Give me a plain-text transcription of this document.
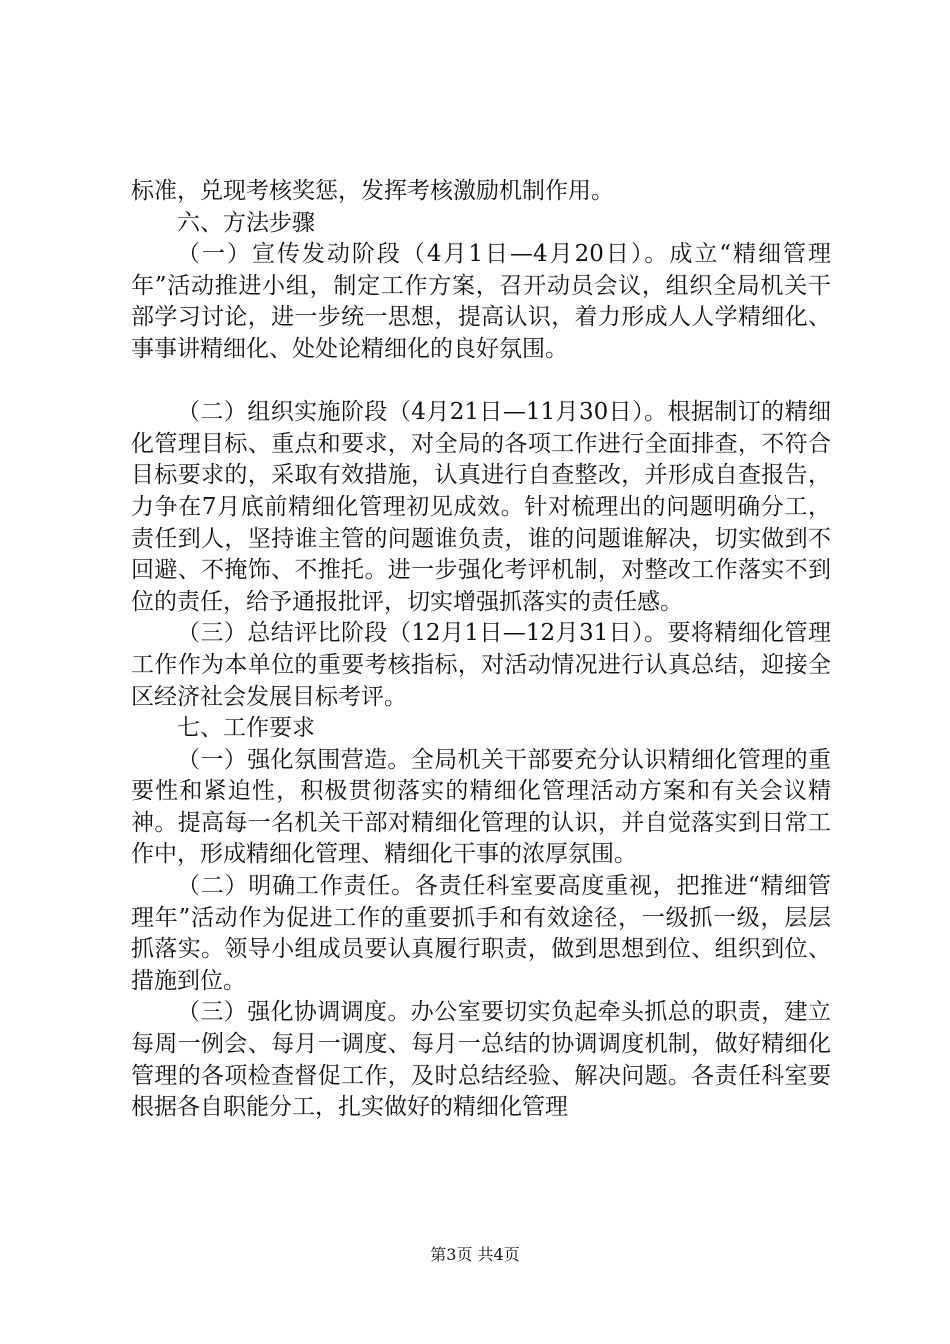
标准，兑现考核奖惩，发挥考核激励机制作用。

六、方法步骤

（一）宣传发动阶段（4月1日—4月20日）。成立“精细管理年”活动推进小组，制定工作方案，召开动员会议，组织全局机关干部学习讨论，进一步统一思想，提高认识，着力形成人人学精细化、事事讲精细化、处处论精细化的良好氛围。

（二）组织实施阶段（4月21日—11月30日）。根据制订的精细化管理目标、重点和要求，对全局的各项工作进行全面排查，不符合目标要求的，采取有效措施，认真进行自查整改，并形成自查报告，力争在7月底前精细化管理初见成效。针对梳理出的问题明确分工，责任到人，坚持谁主管的问题谁负责，谁的问题谁解决，切实做到不回避、不掩饰、不推托。进一步强化考评机制，对整改工作落实不到位的责任，给予通报批评，切实增强抓落实的责任感。

（三）总结评比阶段（12月1日—12月31日）。要将精细化管理工作作为本单位的重要考核指标，对活动情况进行认真总结，迎接全区经济社会发展目标考评。

七、工作要求

（一）强化氛围营造。全局机关干部要充分认识精细化管理的重要性和紧迫性，积极贯彻落实的精细化管理活动方案和有关会议精神。提高每一名机关干部对精细化管理的认识，并自觉落实到日常工作中，形成精细化管理、精细化干事的浓厚氛围。

（二）明确工作责任。各责任科室要高度重视，把推进“精细管理年”活动作为促进工作的重要抓手和有效途径，一级抓一级，层层抓落实。领导小组成员要认真履行职责，做到思想到位、组织到位、措施到位。

（三）强化协调调度。办公室要切实负起牵头抓总的职责，建立每周一例会、每月一调度、每月一总结的协调调度机制，做好精细化管理的各项检查督促工作，及时总结经验、解决问题。各责任科室要根据各自职能分工，扎实做好的精细化管理

第3页 共4页
